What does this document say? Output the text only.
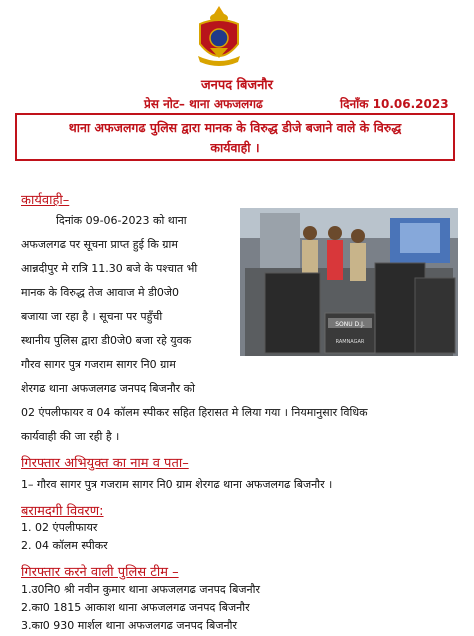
जनपद बिजनौर
प्रेस नोट– थाना अफजलगढ	दिनाँक 10.06.2023
थाना अफजलगढ पुलिस द्वारा मानक के विरुद्ध डीजे बजाने वाले के विरुद्ध
कार्यवाही ।
कार्यवाही–
दिनांक 09-06-2023 को थाना
अफजलगढ पर सूचना प्राप्त हुई कि ग्राम
आन्नदीपुर मे रात्रि 11.30 बजे के पश्चात भी
मानक के विरुद्ध तेज आवाज मे डी0जे0
बजाया जा रहा है । सूचना पर पहुँची
स्थानीय पुलिस द्वारा डी0जे0 बजा रहे युवक
गौरव सागर पुत्र गजराम सागर नि0 ग्राम
शेरगढ थाना अफजलगढ जनपद बिजनौर को
SONU D.J.
RAMNAGAR
02 एंपलीफायर व 04 कॉलम स्पीकर सहित हिरासत मे लिया गया । नियमानुसार विधिक
कार्यवाही की जा रही है ।
गिरफ्तार अभियुक्त का नाम व पता–
1– गौरव सागर पुत्र गजराम सागर नि0 ग्राम शेरगढ थाना अफजलगढ बिजनौर ।
बरामदगी विवरण:
1. 02 एंपलीफायर
2. 04 कॉलम स्पीकर
गिरफ्तार करने वाली पुलिस टीम –
1.उ0नि0 श्री नवीन कुमार थाना अफजलगढ जनपद बिजनौर
2.का0 1815 आकाश थाना अफजलगढ जनपद बिजनौर
3.का0 930 मार्शल थाना अफजलगढ जनपद बिजनौर
